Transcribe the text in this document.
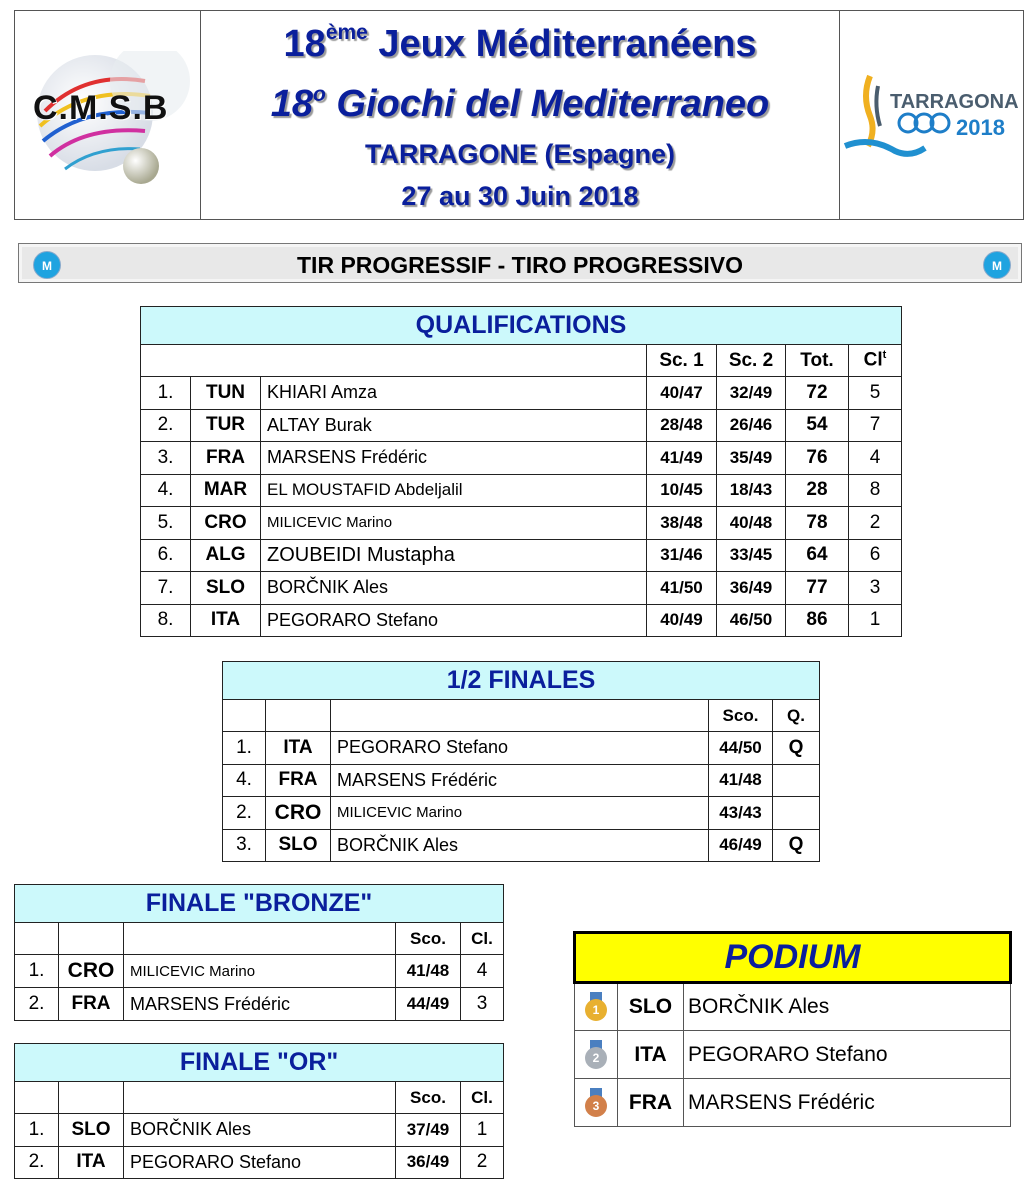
C.M.S.B
18ème Jeux Méditerranéens
18$^o$ Giochi del Mediterraneo
TARRAGONE (Espagne)
27 au 30 Juin 2018
TARRAGONA
2018
M	TIR PROGRESSIF - TIRO PROGRESSIVO	M
QUALIFICATIONS						
			Sc. 1	Sc. 2	Tot.	Cl$^t$
1.	TUN	KHIARI Amza	40/47	32/49	72	5
2.	TUR	ALTAY Burak	28/48	26/46	54	7
3.	FRA	MARSENS Frédéric	41/49	35/49	76	4
4.	MAR	EL MOUSTAFID Abdeljalil	10/45	18/43	28	8
5.	CRO	MILICEVIC Marino	38/48	40/48	78	2
6.	ALG	ZOUBEIDI Mustapha	31/46	33/45	64	6
7.	SLO	BORČNIK Ales	41/50	36/49	77	3
8.	ITA	PEGORARO Stefano	40/49	46/50	86	1
1/2 FINALES				
			Sco.	Q.
1.	ITA	PEGORARO Stefano	44/50	Q
4.	FRA	MARSENS Frédéric	41/48	
2.	CRO	MILICEVIC Marino	43/43	
3.	SLO	BORČNIK Ales	46/49	Q
FINALE "BRONZE"				
			Sco.	Cl.
1.	CRO	MILICEVIC Marino	41/48	4
2.	FRA	MARSENS Frédéric	44/49	3
FINALE "OR"				
			Sco.	Cl.
1.	SLO	BORČNIK Ales	37/49	1
2.	ITA	PEGORARO Stefano	36/49	2
PODIUM		

1	SLO	BORČNIK Ales

2	ITA	PEGORARO Stefano

3	FRA	MARSENS Frédéric
